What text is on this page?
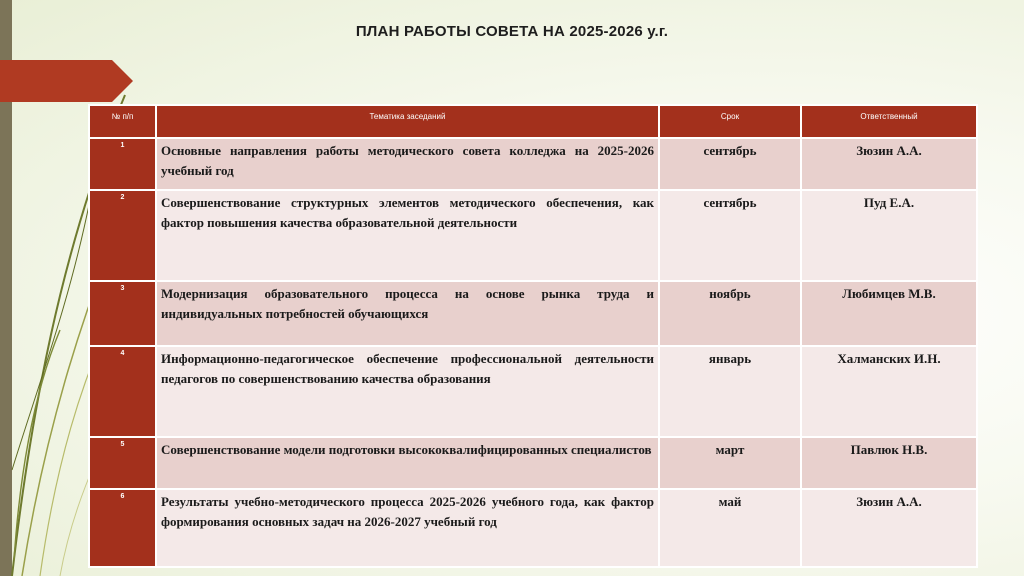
ПЛАН РАБОТЫ СОВЕТА НА 2025-2026 у.г.
№ п/п	Тематика заседаний	Срок	Ответственный
1	Основные направления работы методического совета колледжа на 2025-2026 учебный год	сентябрь	Зюзин А.А.
2	Совершенствование структурных элементов методического обеспечения, как фактор повышения качества образовательной деятельности	сентябрь	Пуд Е.А.
3	Модернизация образовательного процесса на основе рынка труда и индивидуальных потребностей обучающихся	ноябрь	Любимцев М.В.
4	Информационно-педагогическое обеспечение профессиональной деятельности педагогов по совершенствованию качества образования	январь	Халманских И.Н.
5	Совершенствование модели подготовки высококвалифицированных специалистов	март	Павлюк Н.В.
6	Результаты учебно-методического процесса 2025-2026 учебного года, как фактор формирования основных задач на 2026-2027 учебный год	май	Зюзин А.А.
